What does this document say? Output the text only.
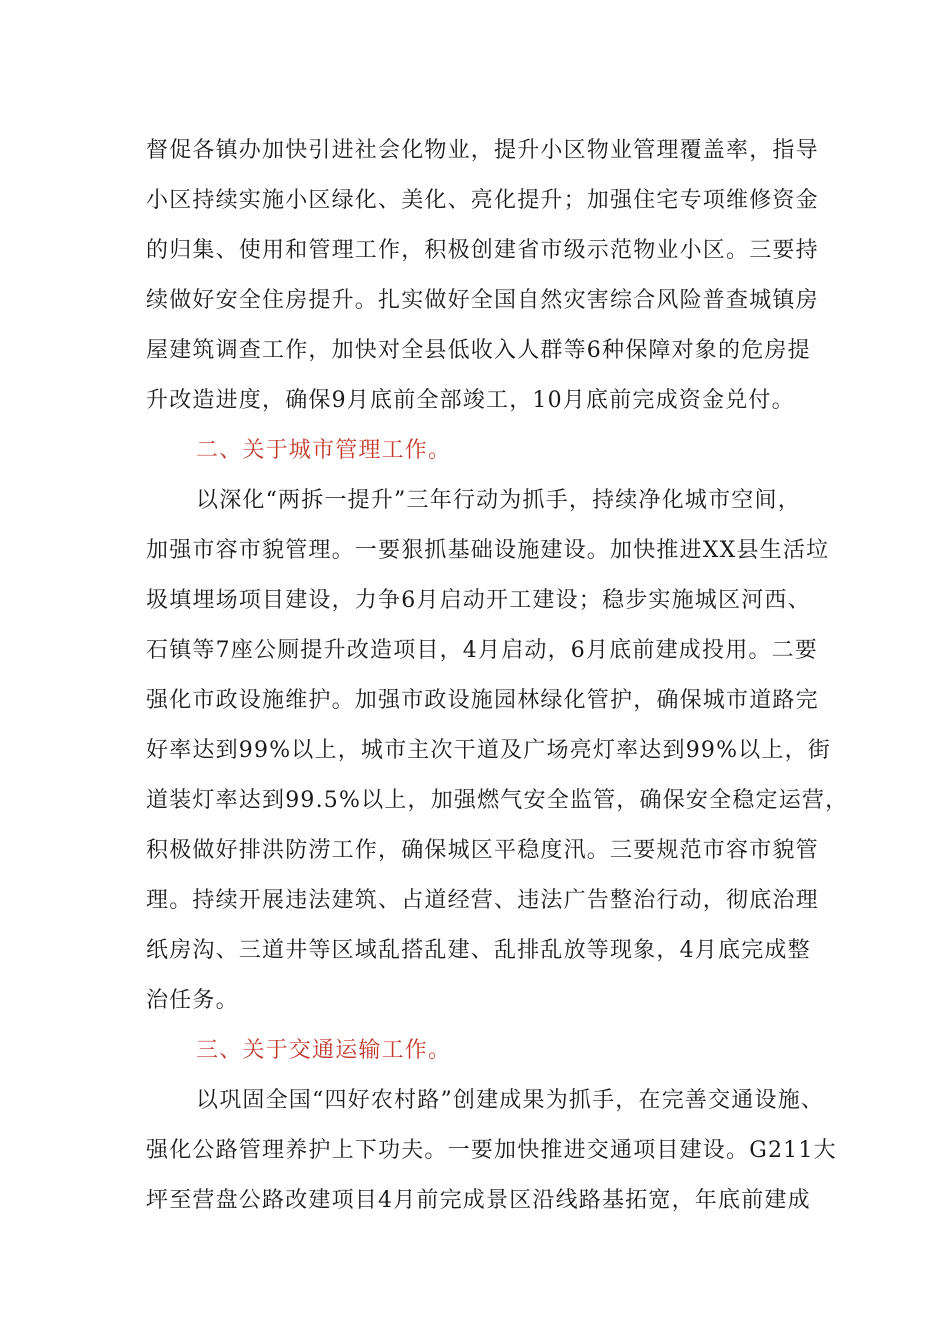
督促各镇办加快引进社会化物业，提升小区物业管理覆盖率，指导
小区持续实施小区绿化、美化、亮化提升；加强住宅专项维修资金
的归集、使用和管理工作，积极创建省市级示范物业小区。三要持
续做好安全住房提升。扎实做好全国自然灾害综合风险普查城镇房
屋建筑调查工作，加快对全县低收入人群等6种保障对象的危房提
升改造进度，确保9月底前全部竣工，10月底前完成资金兑付。
二、关于城市管理工作。
以深化“两拆一提升”三年行动为抓手，持续净化城市空间，
加强市容市貌管理。一要狠抓基础设施建设。加快推进XX县生活垃
圾填埋场项目建设，力争6月启动开工建设；稳步实施城区河西、
石镇等7座公厕提升改造项目，4月启动，6月底前建成投用。二要
强化市政设施维护。加强市政设施园林绿化管护，确保城市道路完
好率达到99%以上，城市主次干道及广场亮灯率达到99%以上，街
道装灯率达到99.5%以上，加强燃气安全监管，确保安全稳定运营，
积极做好排洪防涝工作，确保城区平稳度汛。三要规范市容市貌管
理。持续开展违法建筑、占道经营、违法广告整治行动，彻底治理
纸房沟、三道井等区域乱搭乱建、乱排乱放等现象，4月底完成整
治任务。
三、关于交通运输工作。
以巩固全国“四好农村路”创建成果为抓手，在完善交通设施、
强化公路管理养护上下功夫。一要加快推进交通项目建设。G211大
坪至营盘公路改建项目4月前完成景区沿线路基拓宽，年底前建成
